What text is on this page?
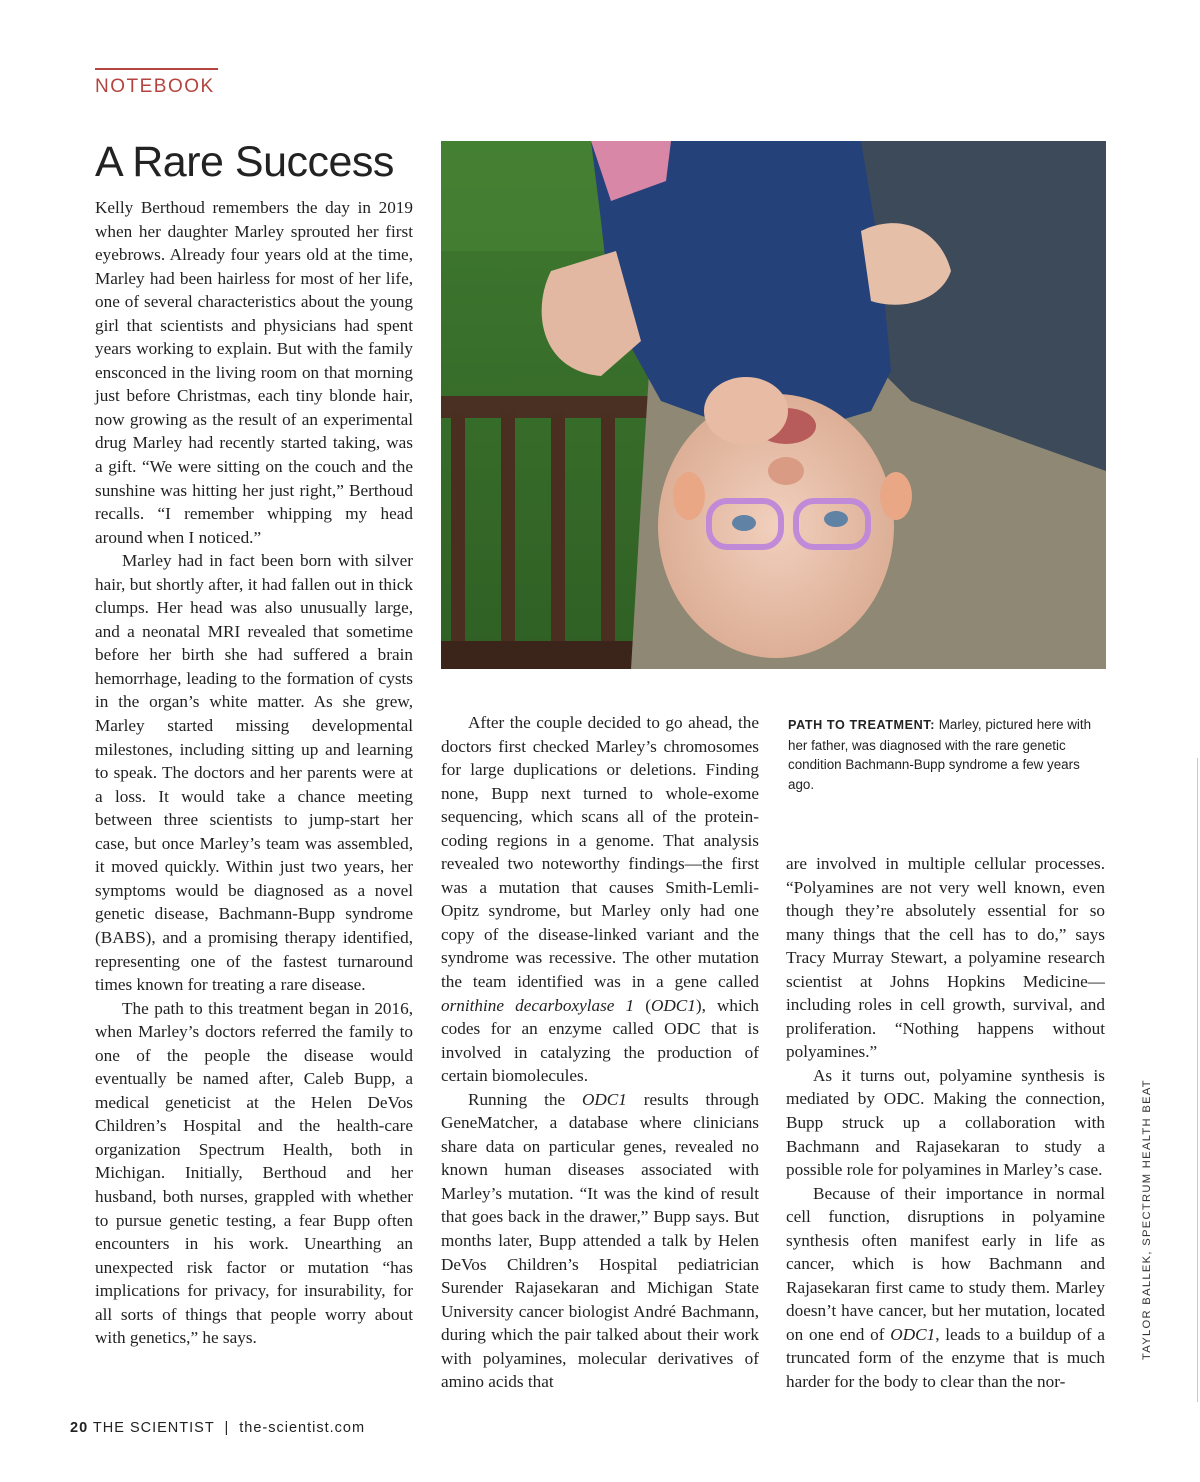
NOTEBOOK
A Rare Success

Kelly Berthoud remembers the day in 2019 when her daughter Marley sprouted her first eyebrows. Already four years old at the time, Marley had been hairless for most of her life, one of several characteristics about the young girl that scientists and physicians had spent years working to explain. But with the family ensconced in the living room on that morning just before Christmas, each tiny blonde hair, now growing as the result of an experimental drug Marley had recently started taking, was a gift. “We were sitting on the couch and the sunshine was hitting her just right,” Berthoud recalls. “I remember whipping my head around when I noticed.”

Marley had in fact been born with silver hair, but shortly after, it had fallen out in thick clumps. Her head was also unusually large, and a neonatal MRI revealed that sometime before her birth she had suffered a brain hemorrhage, leading to the formation of cysts in the organ’s white matter. As she grew, Marley started missing developmental milestones, including sitting up and learning to speak. The doctors and her parents were at a loss. It would take a chance meeting between three scientists to jump-start her case, but once Marley’s team was assembled, it moved quickly. Within just two years, her symptoms would be diagnosed as a novel genetic disease, Bachmann-Bupp syndrome (BABS), and a promising therapy identified, representing one of the fastest turnaround times known for treating a rare disease.

The path to this treatment began in 2016, when Marley’s doctors referred the family to one of the people the disease would eventually be named after, Caleb Bupp, a medical geneticist at the Helen DeVos Children’s Hospital and the health-care organization Spectrum Health, both in Michigan. Initially, Berthoud and her husband, both nurses, grappled with whether to pursue genetic testing, a fear Bupp often encounters in his work. Unearthing an unexpected risk factor or mutation “has implications for privacy, for insurability, for all sorts of things that people worry about with genetics,” he says.

After the couple decided to go ahead, the doctors first checked Marley’s chromosomes for large duplications or deletions. Finding none, Bupp next turned to whole-exome sequencing, which scans all of the protein-coding regions in a genome. That analysis revealed two noteworthy findings—the first was a mutation that causes Smith-Lemli-Opitz syndrome, but Marley only had one copy of the disease-linked variant and the syndrome was recessive. The other mutation the team identified was in a gene called ornithine decarboxylase 1 (ODC1), which codes for an enzyme called ODC that is involved in catalyzing the production of certain biomolecules.

Running the ODC1 results through GeneMatcher, a database where clinicians share data on particular genes, revealed no known human diseases associated with Marley’s mutation. “It was the kind of result that goes back in the drawer,” Bupp says. But months later, Bupp attended a talk by Helen DeVos Children’s Hospital pediatrician Surender Rajasekaran and Michigan State University cancer biologist André Bachmann, during which the pair talked about their work with polyamines, molecular derivatives of amino acids that

PATH TO TREATMENT: Marley, pictured here with her father, was diagnosed with the rare genetic condition Bachmann-Bupp syndrome a few years ago.

are involved in multiple cellular processes. “Polyamines are not very well known, even though they’re absolutely essential for so many things that the cell has to do,” says Tracy Murray Stewart, a polyamine research scientist at Johns Hopkins Medicine—including roles in cell growth, survival, and proliferation. “Nothing happens without polyamines.”

As it turns out, polyamine synthesis is mediated by ODC. Making the connection, Bupp struck up a collaboration with Bachmann and Rajasekaran to study a possible role for polyamines in Marley’s case.

Because of their importance in normal cell function, disruptions in polyamine synthesis often manifest early in life as cancer, which is how Bachmann and Rajasekaran first came to study them. Marley doesn’t have cancer, but her mutation, located on one end of ODC1, leads to a buildup of a truncated form of the enzyme that is much harder for the body to clear than the nor-

TAYLOR BALLEK, SPECTRUM HEALTH BEAT
20 THE SCIENTIST | the-scientist.com
